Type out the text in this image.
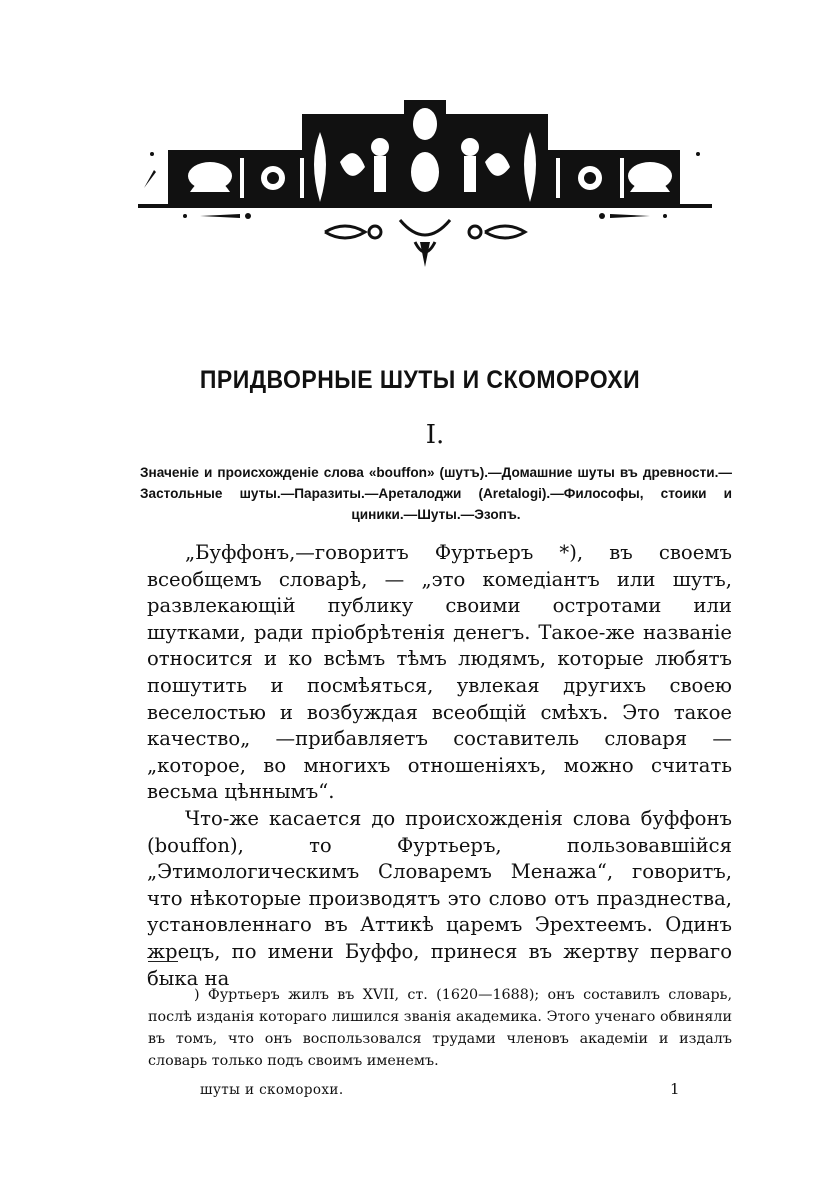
ПРИДВОРНЫЕ ШУТЫ И СКОМОРОХИ
I.
Значенiе и происхожденiе слова «bouffon» (шутъ).—Домашние шуты въ древности.—Застольные шуты.—Паразиты.—Ареталоджи (Aretalogi).—Философы, стоики и циники.—Шуты.—Эзопъ.

„Буффонъ,—говоритъ Фуртьеръ *), въ своемъ всеобщемъ словарѣ, — „это комедiантъ или шутъ, развлекающiй публику своими остротами или шутками, ради прiобрѣтенiя денегъ. Такое-же названiе относится и ко всѣмъ тѣмъ людямъ, которые любятъ пошутить и посмѣяться, увлекая другихъ своею веселостью и возбуждая всеобщiй смѣхъ. Это такое качество„ —прибавляетъ составитель словаря — „которое, во многихъ отношенiяхъ, можно считать весьма цѣннымъ“.

Что-же касается до происхожденiя слова буффонъ (bouffon), то Фуртьеръ, пользовавшiйся „Этимологическимъ Словаремъ Менажа“, говоритъ, что нѣкоторые производятъ это слово отъ празднества, установленнаго въ Аттикѣ царемъ Эрехтеемъ. Одинъ жрецъ, по имени Буффо, принеся въ жертву перваго быка на

) Фуртьеръ жилъ въ XVII, ст. (1620—1688); онъ составилъ словарь, послѣ изданiя котораго лишился званiя академика. Этого ученаго обвиняли въ томъ, что онъ воспользовался трудами членовъ академiи и издалъ словарь только подъ своимъ именемъ.

шуты и скоморохи.	1
